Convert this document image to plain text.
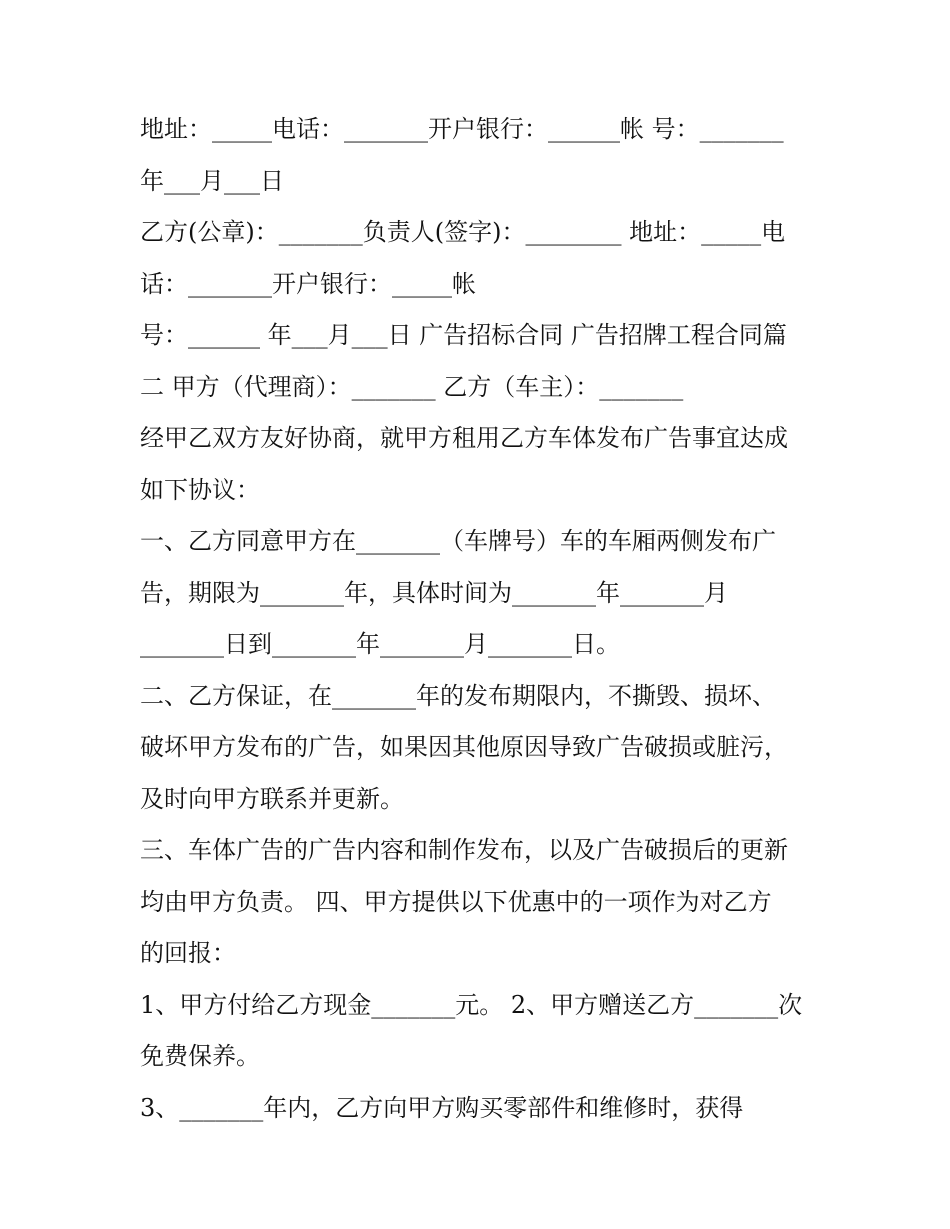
地址：_____电话：_______开户银行：______帐 号：_______
年___月___日
乙方(公章)：_______负责人(签字)：________ 地址：_____电
话：_______开户银行：_____帐
号：______ 年___月___日 广告招标合同 广告招牌工程合同篇
二 甲方（代理商）：_______ 乙方（车主）：_______
经甲乙双方友好协商，就甲方租用乙方车体发布广告事宜达成
如下协议：
一、乙方同意甲方在_______（车牌号）车的车厢两侧发布广
告，期限为_______年，具体时间为_______年_______月
_______日到_______年_______月_______日。
二、乙方保证，在_______年的发布期限内，不撕毁、损坏、
破坏甲方发布的广告，如果因其他原因导致广告破损或脏污，
及时向甲方联系并更新。
三、车体广告的广告内容和制作发布，以及广告破损后的更新
均由甲方负责。 四、甲方提供以下优惠中的一项作为对乙方
的回报：
1、甲方付给乙方现金_______元。 2、甲方赠送乙方_______次
免费保养。
3、_______年内，乙方向甲方购买零部件和维修时，获得
